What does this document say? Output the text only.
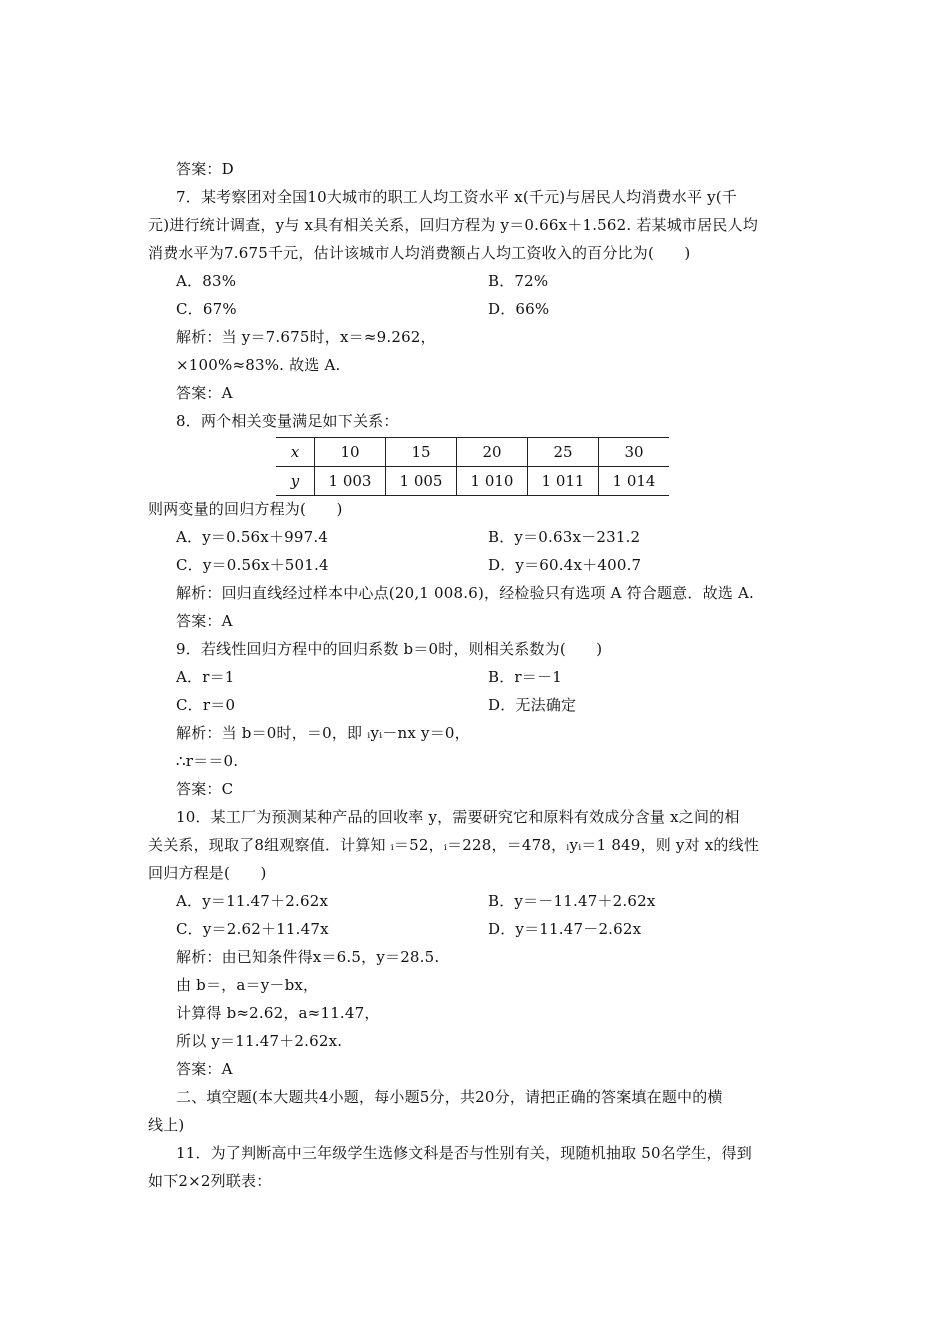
答案：D
7．某考察团对全国10大城市的职工人均工资水平 x(千元)与居民人均消费水平 y(千
元)进行统计调查，y与 x具有相关关系，回归方程为 y＝0.66x＋1.562. 若某城市居民人均
消费水平为7.675千元，估计该城市人均消费额占人均工资收入的百分比为(　　)
A．83%	B．72%
C．67%	D．66%
解析：当 y＝7.675时，x＝≈9.262，
×100%≈83%. 故选 A.
答案：A
8．两个相关变量满足如下关系：
x	10	15	20	25	30
y	1 003	1 005	1 010	1 011	1 014
则两变量的回归方程为(　　)
A．y＝0.56x＋997.4	B．y＝0.63x－231.2
C．y＝0.56x＋501.4	D．y＝60.4x＋400.7
解析：回归直线经过样本中心点(20,1 008.6)，经检验只有选项 A 符合题意．故选 A.
答案：A
9．若线性回归方程中的回归系数 b＝0时，则相关系数为(　　)
A．r＝1	B．r＝－1
C．r＝0	D．无法确定
解析：当 b＝0时，＝0，即 ᵢyᵢ－nx y＝0，
∴r＝＝0.
答案：C
10．某工厂为预测某种产品的回收率 y，需要研究它和原料有效成分含量 x之间的相
关关系，现取了8组观察值．计算知 ᵢ＝52，ᵢ＝228，＝478，ᵢyᵢ＝1 849，则 y对 x的线性
回归方程是(　　)
A．y＝11.47＋2.62x	B．y＝－11.47＋2.62x
C．y＝2.62＋11.47x	D．y＝11.47－2.62x
解析：由已知条件得x＝6.5，y＝28.5.
由 b＝，a＝y－bx，
计算得 b≈2.62，a≈11.47，
所以 y＝11.47＋2.62x.
答案：A
二、填空题(本大题共4小题，每小题5分，共20分，请把正确的答案填在题中的横
线上)
11．为了判断高中三年级学生选修文科是否与性别有关，现随机抽取 50名学生，得到
如下2×2列联表：
